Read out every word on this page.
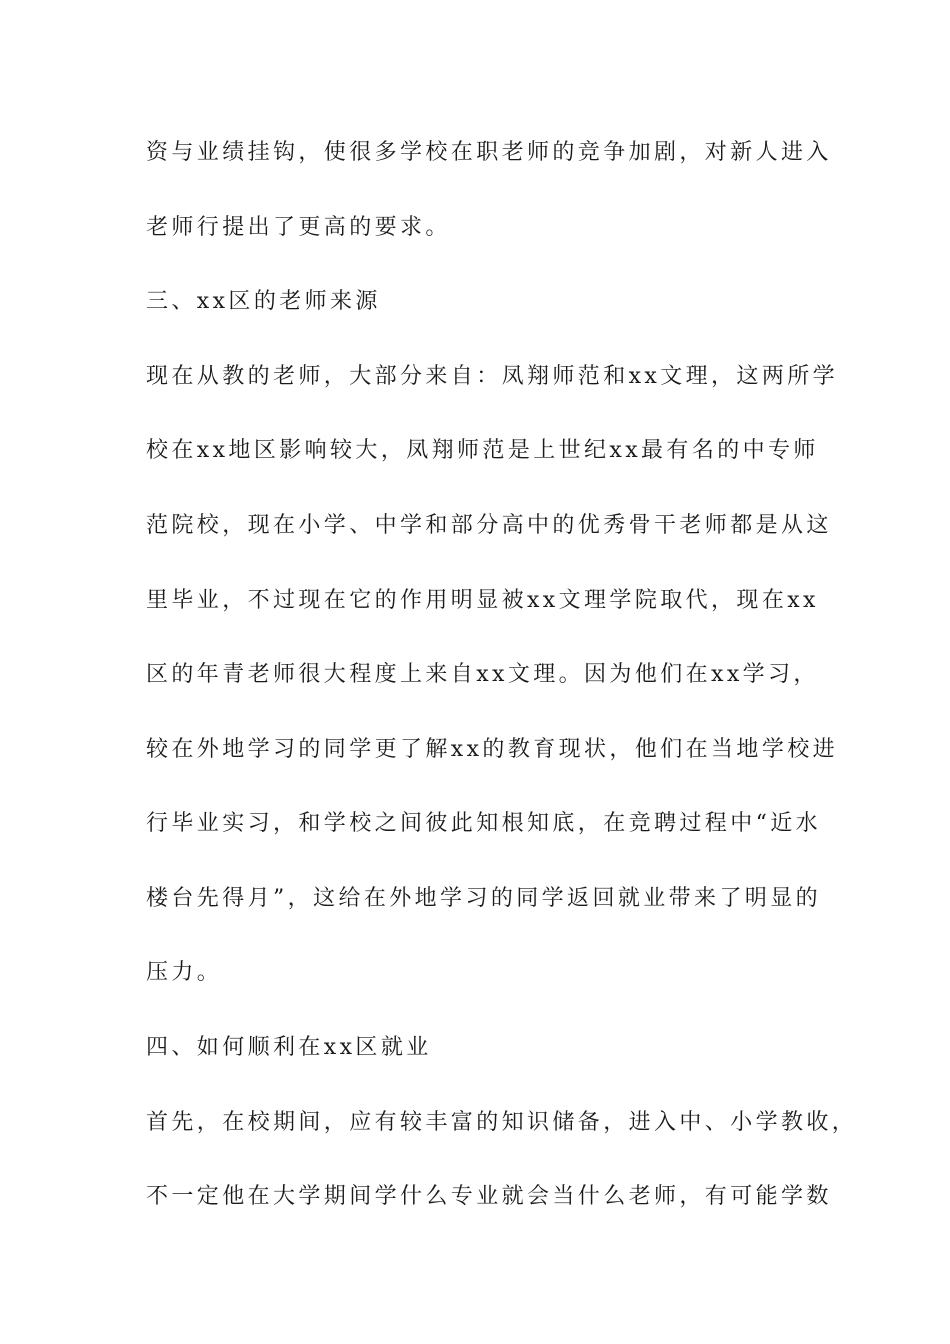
资与业绩挂钩，使很多学校在职老师的竞争加剧，对新人进入
老师行提出了更高的要求。
三、xx区的老师来源
现在从教的老师，大部分来自：凤翔师范和xx文理，这两所学
校在xx地区影响较大，凤翔师范是上世纪xx最有名的中专师
范院校，现在小学、中学和部分高中的优秀骨干老师都是从这
里毕业，不过现在它的作用明显被xx文理学院取代，现在xx
区的年青老师很大程度上来自xx文理。因为他们在xx学习，
较在外地学习的同学更了解xx的教育现状，他们在当地学校进
行毕业实习，和学校之间彼此知根知底，在竞聘过程中“近水
楼台先得月”，这给在外地学习的同学返回就业带来了明显的
压力。
四、如何顺利在xx区就业
首先，在校期间，应有较丰富的知识储备，进入中、小学教收，
不一定他在大学期间学什么专业就会当什么老师，有可能学数
